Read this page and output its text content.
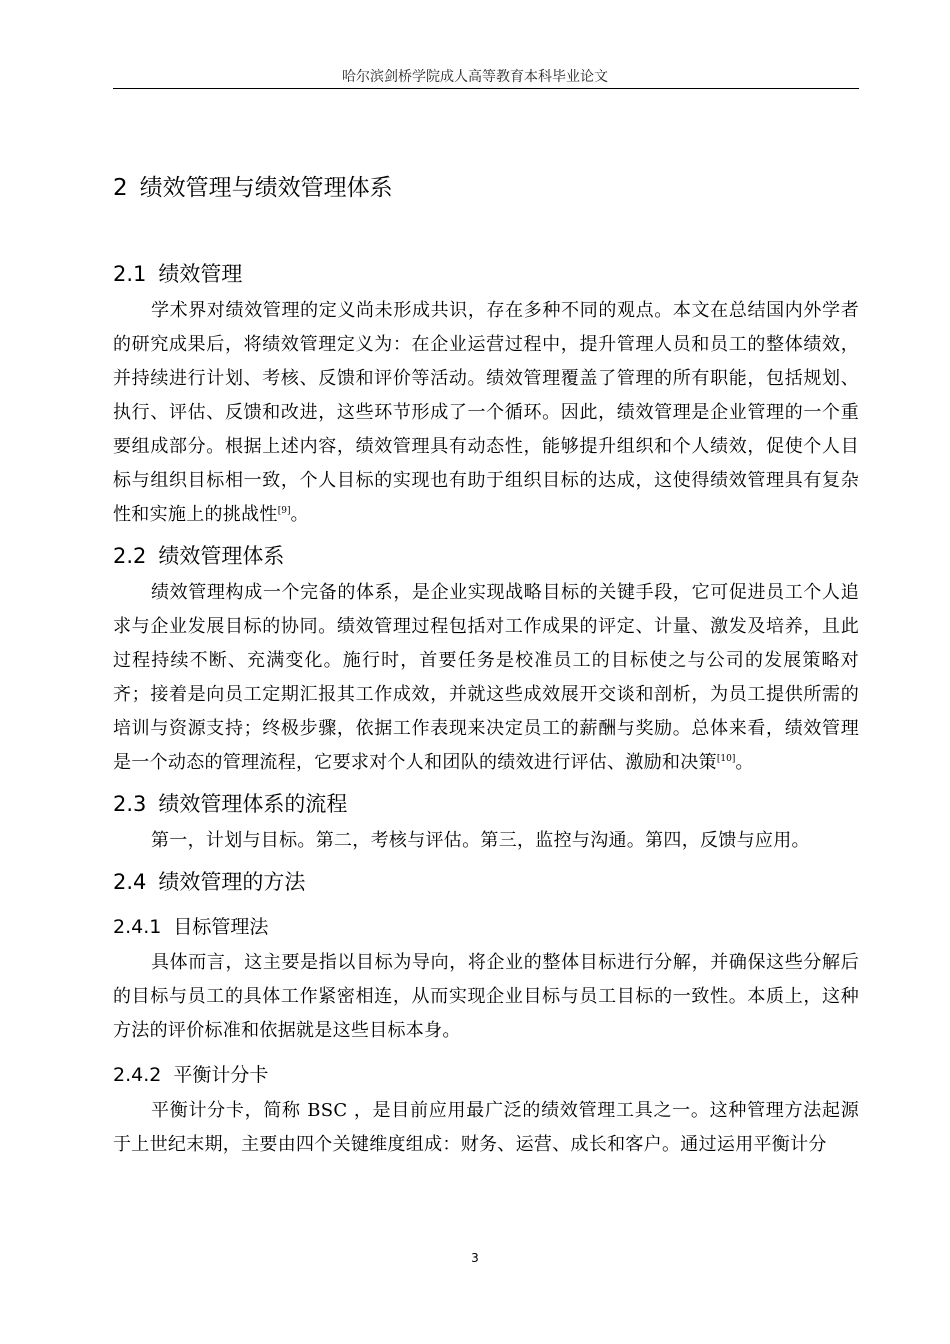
哈尔滨剑桥学院成人高等教育本科毕业论文
2 绩效管理与绩效管理体系
2.1 绩效管理

学术界对绩效管理的定义尚未形成共识，存在多种不同的观点。本文在总结国内外学者的研究成果后，将绩效管理定义为：在企业运营过程中，提升管理人员和员工的整体绩效，并持续进行计划、考核、反馈和评价等活动。绩效管理覆盖了管理的所有职能，包括规划、执行、评估、反馈和改进，这些环节形成了一个循环。因此，绩效管理是企业管理的一个重要组成部分。根据上述内容，绩效管理具有动态性，能够提升组织和个人绩效，促使个人目标与组织目标相一致，个人目标的实现也有助于组织目标的达成，这使得绩效管理具有复杂性和实施上的挑战性[9]。

2.2 绩效管理体系

绩效管理构成一个完备的体系，是企业实现战略目标的关键手段，它可促进员工个人追求与企业发展目标的协同。绩效管理过程包括对工作成果的评定、计量、激发及培养，且此过程持续不断、充满变化。施行时，首要任务是校准员工的目标使之与公司的发展策略对齐；接着是向员工定期汇报其工作成效，并就这些成效展开交谈和剖析，为员工提供所需的培训与资源支持；终极步骤，依据工作表现来决定员工的薪酬与奖励。总体来看，绩效管理是一个动态的管理流程，它要求对个人和团队的绩效进行评估、激励和决策[10]。

2.3 绩效管理体系的流程

第一，计划与目标。第二，考核与评估。第三，监控与沟通。第四，反馈与应用。

2.4 绩效管理的方法
2.4.1 目标管理法

具体而言，这主要是指以目标为导向，将企业的整体目标进行分解，并确保这些分解后的目标与员工的具体工作紧密相连，从而实现企业目标与员工目标的一致性。本质上，这种方法的评价标准和依据就是这些目标本身。

2.4.2 平衡计分卡

平衡计分卡，简称 BSC ，是目前应用最广泛的绩效管理工具之一。这种管理方法起源 于上世纪末期，主要由四个关键维度组成：财务、运营、成长和客户。通过运用平衡计分

3
